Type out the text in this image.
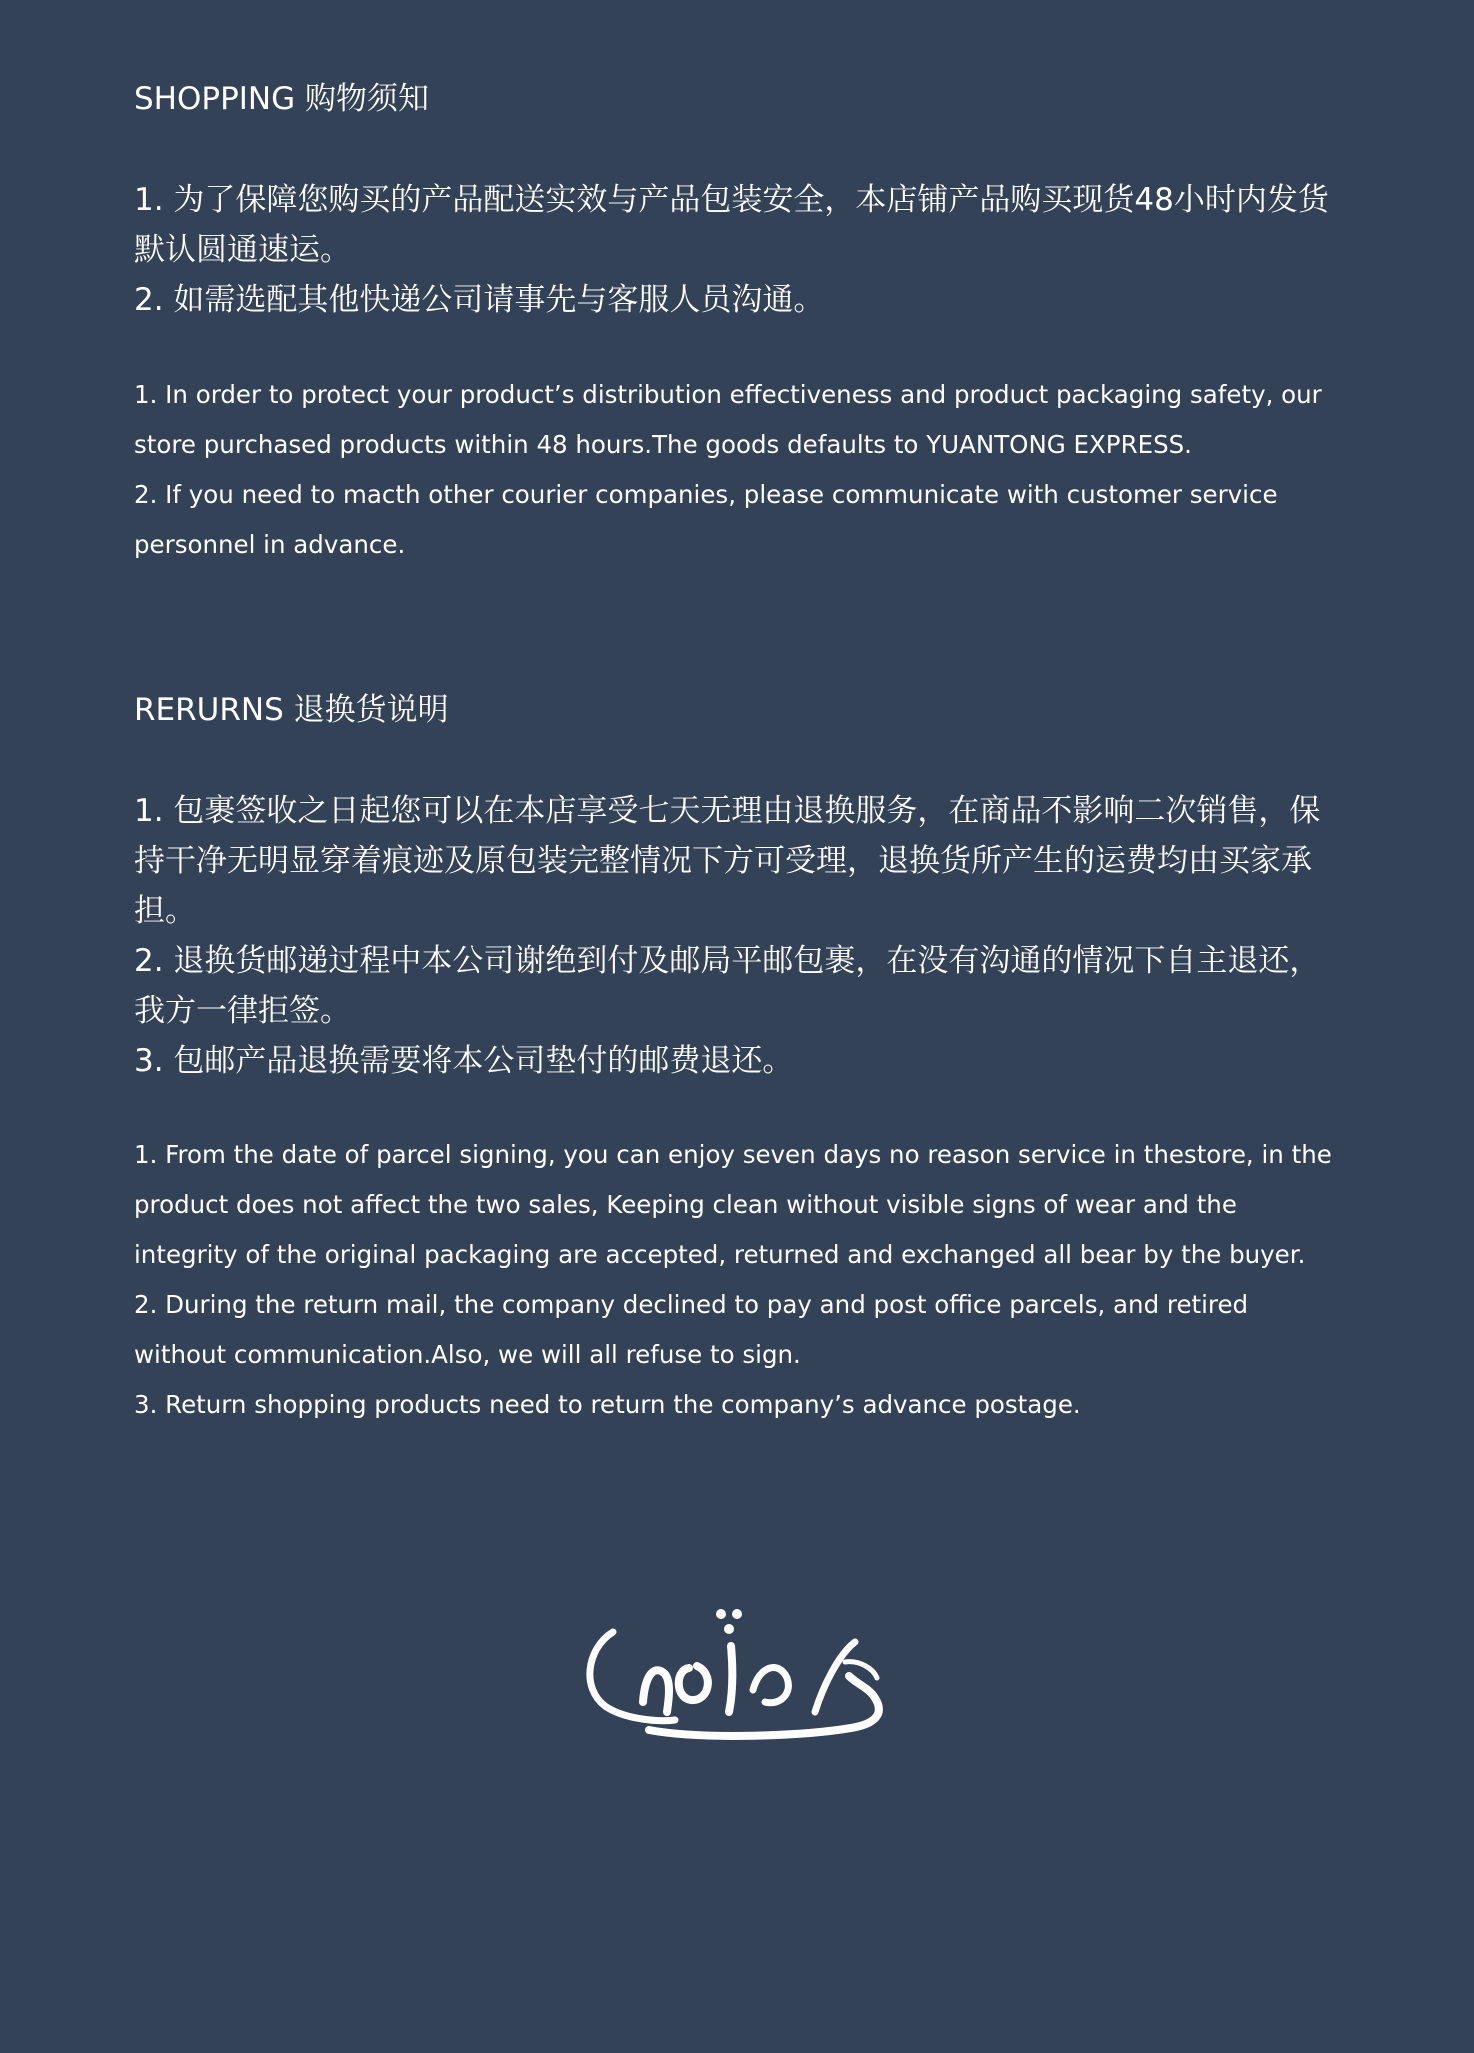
SHOPPING 购物须知

1. 为了保障您购买的产品配送实效与产品包装安全，本店铺产品购买现货48小时内发货默认圆通速运。

2. 如需选配其他快递公司请事先与客服人员沟通。

1. In order to protect your product’s distribution effectiveness and product packaging safety, our store purchased products within 48 hours.The goods defaults to YUANTONG EXPRESS.

2. If you need to macth other courier companies, please communicate with customer service personnel in advance.

RERURNS 退换货说明

1. 包裹签收之日起您可以在本店享受七天无理由退换服务，在商品不影响二次销售，保持干净无明显穿着痕迹及原包装完整情况下方可受理，退换货所产生的运费均由买家承担。

2. 退换货邮递过程中本公司谢绝到付及邮局平邮包裹，在没有沟通的情况下自主退还，我方一律拒签。

3. 包邮产品退换需要将本公司垫付的邮费退还。

1. From the date of parcel signing, you can enjoy seven days no reason service in thestore, in the product does not affect the two sales, Keeping clean without visible signs of wear and the integrity of the original packaging are accepted, returned and exchanged all bear by the buyer.

2. During the return mail, the company declined to pay and post office parcels, and retired without communication.Also, we will all refuse to sign.

3. Return shopping products need to return the company’s advance postage.
